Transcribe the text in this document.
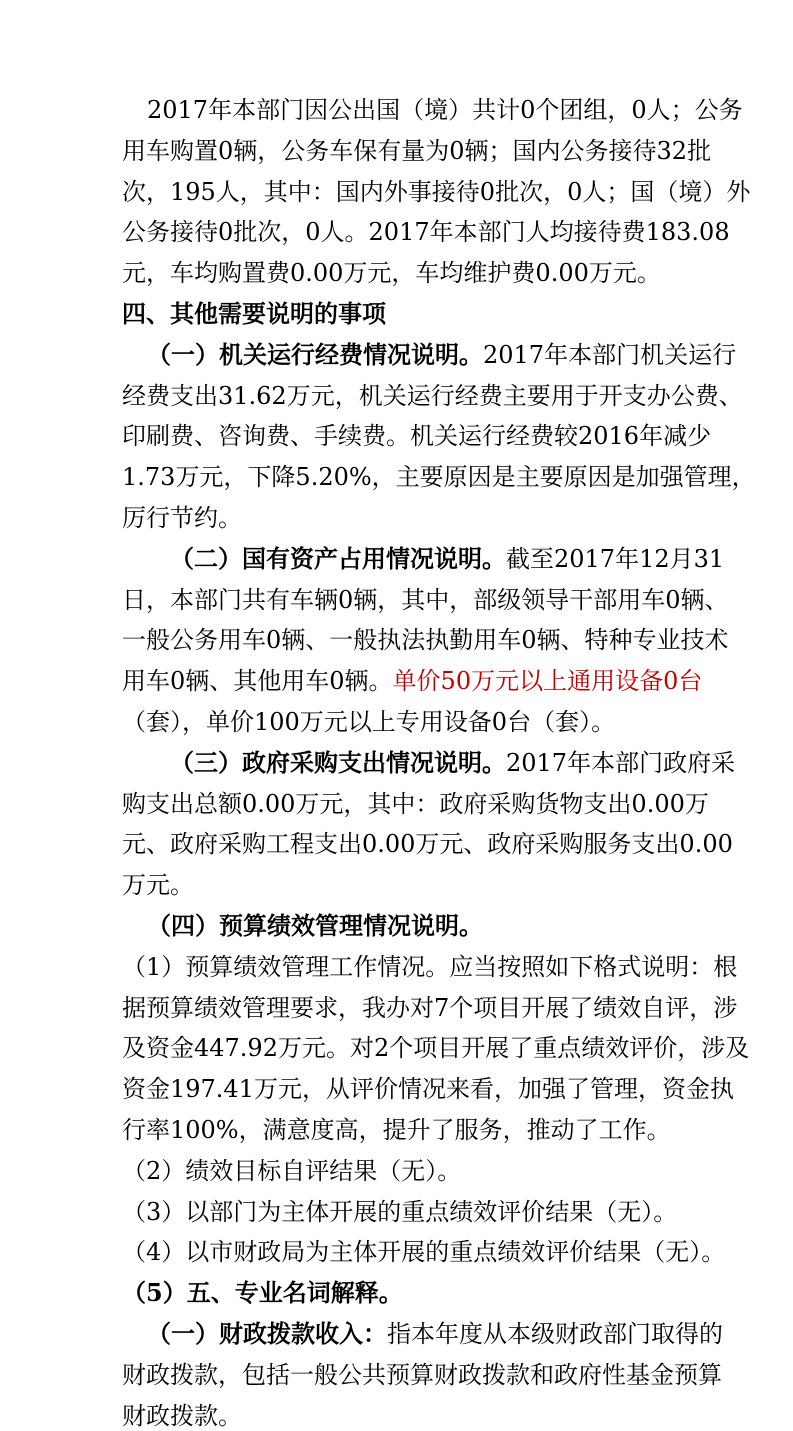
2017年本部门因公出国（境）共计0个团组，0人；公务
用车购置0辆，公务车保有量为0辆；国内公务接待32批
次，195人，其中：国内外事接待0批次，0人；国（境）外
公务接待0批次，0人。2017年本部门人均接待费183.08
元，车均购置费0.00万元，车均维护费0.00万元。
四、其他需要说明的事项
（一）机关运行经费情况说明。2017年本部门机关运行
经费支出31.62万元，机关运行经费主要用于开支办公费、
印刷费、咨询费、手续费。机关运行经费较2016年减少
1.73万元，下降5.20%，主要原因是主要原因是加强管理，
厉行节约。
（二）国有资产占用情况说明。截至2017年12月31
日，本部门共有车辆0辆，其中，部级领导干部用车0辆、
一般公务用车0辆、一般执法执勤用车0辆、特种专业技术
用车0辆、其他用车0辆。单价50万元以上通用设备0台
（套），单价100万元以上专用设备0台（套）。
（三）政府采购支出情况说明。2017年本部门政府采
购支出总额0.00万元，其中：政府采购货物支出0.00万
元、政府采购工程支出0.00万元、政府采购服务支出0.00
万元。
（四）预算绩效管理情况说明。
（1）预算绩效管理工作情况。应当按照如下格式说明：根
据预算绩效管理要求，我办对7个项目开展了绩效自评，涉
及资金447.92万元。对2个项目开展了重点绩效评价，涉及
资金197.41万元，从评价情况来看，加强了管理，资金执
行率100%，满意度高，提升了服务，推动了工作。
（2）绩效目标自评结果（无）。
（3）以部门为主体开展的重点绩效评价结果（无）。
（4）以市财政局为主体开展的重点绩效评价结果（无）。
（5）五、专业名词解释。
（一）财政拨款收入：指本年度从本级财政部门取得的
财政拨款，包括一般公共预算财政拨款和政府性基金预算
财政拨款。
